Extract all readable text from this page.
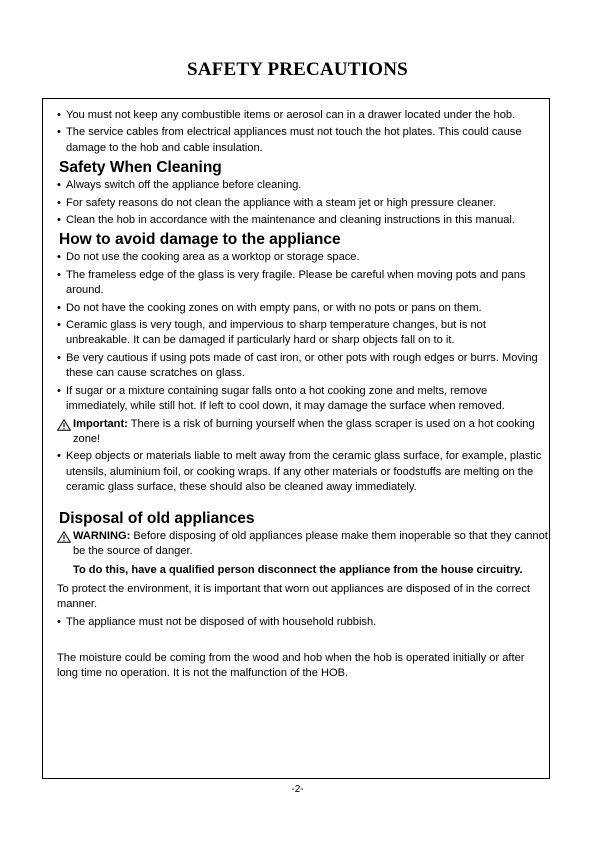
SAFETY PRECAUTIONS
• You must not keep any combustible items or aerosol can in a drawer located under the hob.
• The service cables from electrical appliances must not touch the hot plates. This could cause damage to the hob and cable insulation.
Safety When Cleaning
• Always switch off the appliance before cleaning.
• For safety reasons do not clean the appliance with a steam jet or high pressure cleaner.
• Clean the hob in accordance with the maintenance and cleaning instructions in this manual.
How to avoid damage to the appliance
• Do not use the cooking area as a worktop or storage space.
• The frameless edge of the glass is very fragile. Please be careful when moving pots and pans around.
• Do not have the cooking zones on with empty pans, or with no pots or pans on them.
• Ceramic glass is very tough, and impervious to sharp temperature changes, but is not unbreakable. It can be damaged if particularly hard or sharp objects fall on to it.
• Be very cautious if using pots made of cast iron, or other pots with rough edges or burrs. Moving these can cause scratches on glass.
• If sugar or a mixture containing sugar falls onto a hot cooking zone and melts, remove immediately, while still hot. If left to cool down, it may damage the surface when removed.
Important: There is a risk of burning yourself when the glass scraper is used on a hot cooking zone!
• Keep objects or materials liable to melt away from the ceramic glass surface, for example, plastic utensils, aluminium foil, or cooking wraps. If any other materials or foodstuffs are melting on the ceramic glass surface, these should also be cleaned away immediately.
Disposal of old appliances
WARNING: Before disposing of old appliances please make them inoperable so that they cannot be the source of danger.
To do this, have a qualified person disconnect the appliance from the house circuitry.
To protect the environment, it is important that worn out appliances are disposed of in the correct manner.
• The appliance must not be disposed of with household rubbish.
The moisture could be coming from the wood and hob when the hob is operated initially or after long time no operation. It is not the malfunction of the HOB.
-2-
